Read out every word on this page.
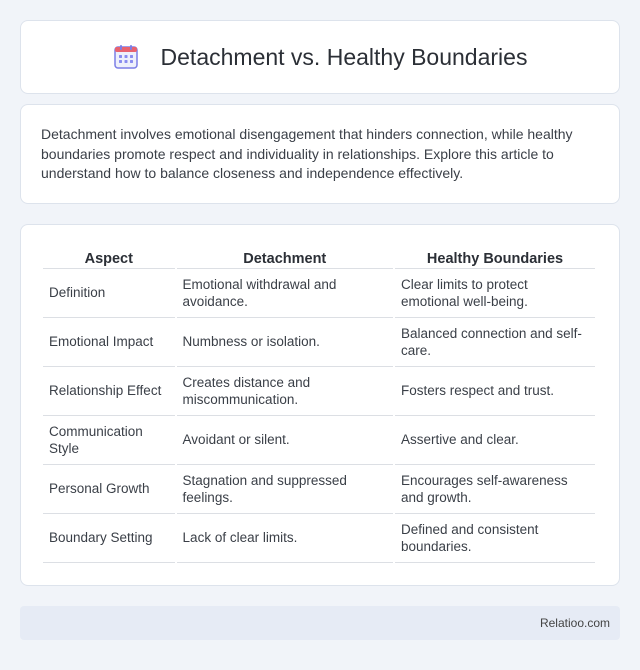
Detachment vs. Healthy Boundaries

Detachment involves emotional disengagement that hinders connection, while healthy boundaries promote respect and individuality in relationships. Explore this article to understand how to balance closeness and independence effectively.

Aspect	Detachment	Healthy Boundaries
Definition	Emotional withdrawal and avoidance.	Clear limits to protect emotional well-being.
Emotional Impact	Numbness or isolation.	Balanced connection and self-care.
Relationship Effect	Creates distance and miscommunication.	Fosters respect and trust.
Communication Style	Avoidant or silent.	Assertive and clear.
Personal Growth	Stagnation and suppressed feelings.	Encourages self-awareness and growth.
Boundary Setting	Lack of clear limits.	Defined and consistent boundaries.
Relatioo.com
